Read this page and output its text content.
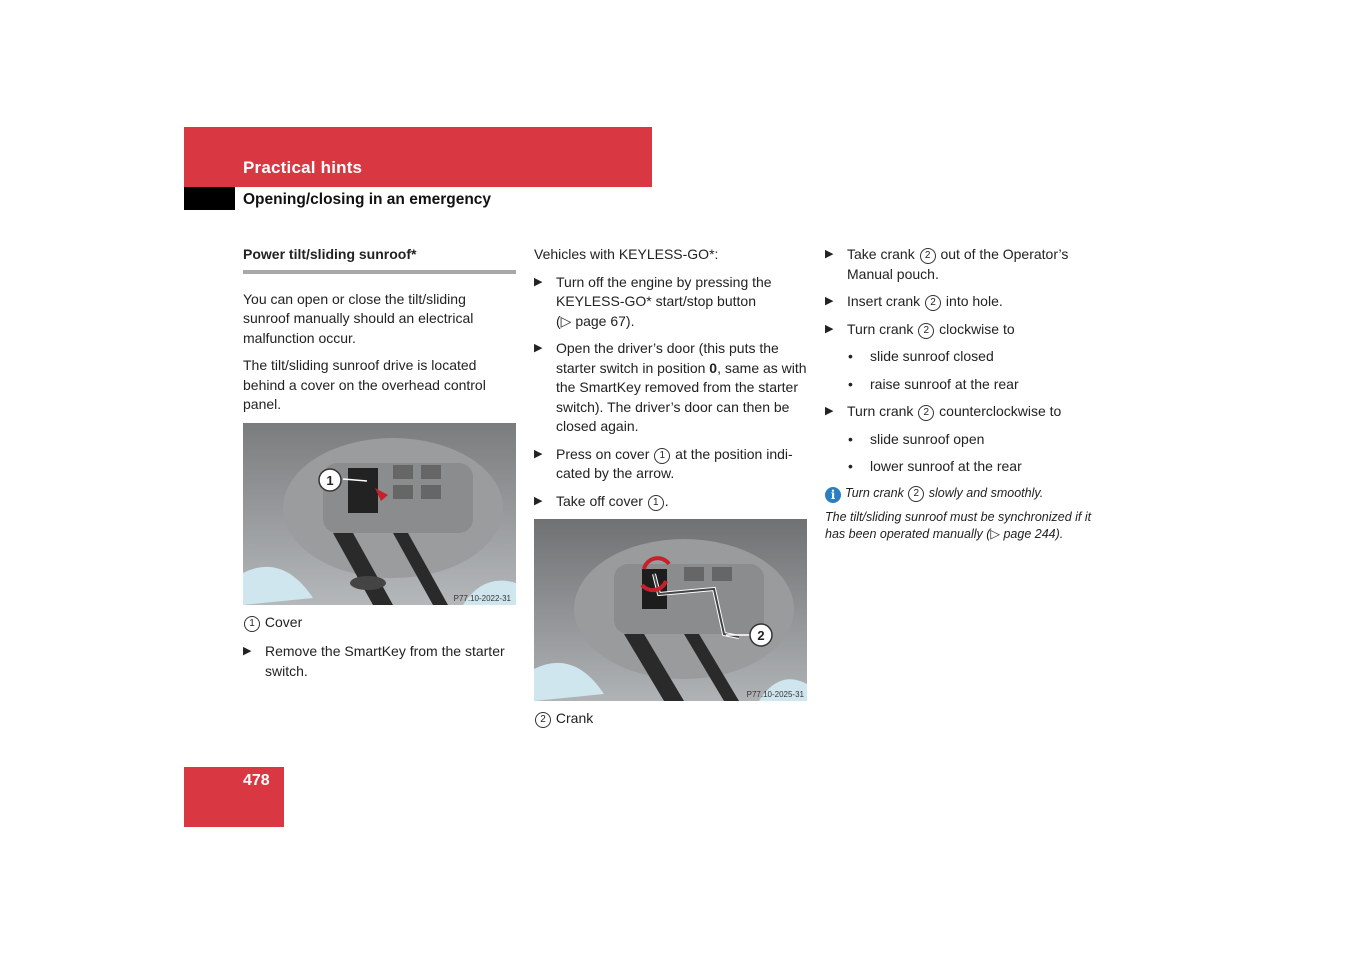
Practical hints
Opening/closing in an emergency
Power tilt/sliding sunroof*

You can open or close the tilt/sliding sunroof manually should an electrical malfunction occur.

The tilt/sliding sunroof drive is located behind a cover on the overhead control panel.

1
P77.10-2022-31
1 Cover
▶ Remove the SmartKey from the starter switch.

Vehicles with KEYLESS-GO*:

▶ Turn off the engine by pressing the KEYLESS-GO* start/stop button
(▷ page 67).
▶ Open the driver’s door (this puts the starter switch in position 0, same as with the SmartKey removed from the starter switch). The driver’s door can then be closed again.
▶ Press on cover 1 at the position indi-cated by the arrow.
▶ Take off cover 1 .
2
P77.10-2025-31
2 Crank
▶ Take crank 2 out of the Operator’s Manual pouch.
▶ Insert crank 2 into hole.
▶ Turn crank 2 clockwise to
• slide sunroof closed
• raise sunroof at the rear
▶ Turn crank 2 counterclockwise to
• slide sunroof open
• lower sunroof at the rear
i Turn crank 2 slowly and smoothly.
The tilt/sliding sunroof must be synchronized if it has been operated manually (▷ page 244).
478
